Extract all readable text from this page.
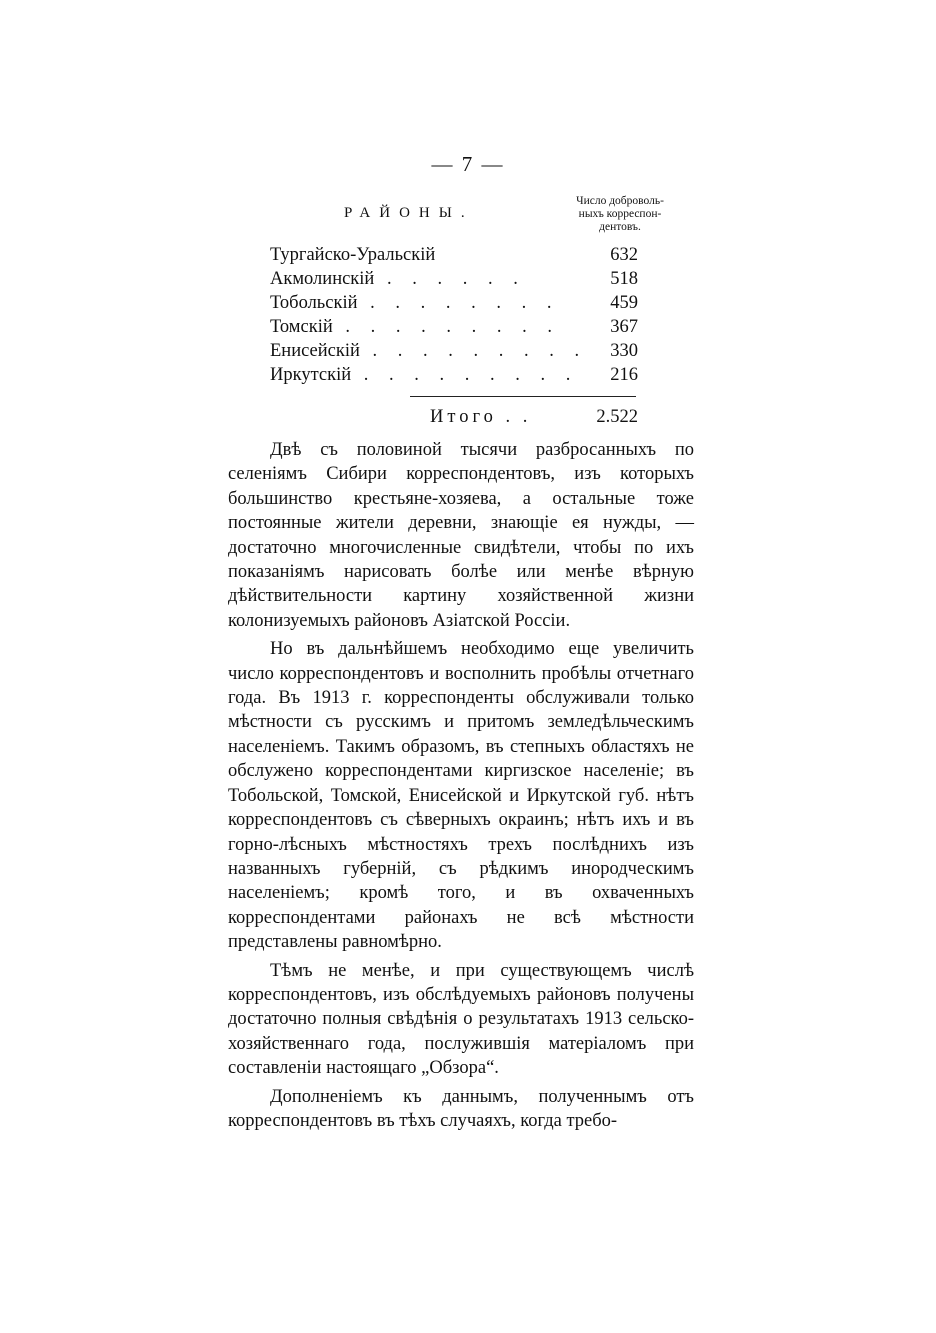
— 7 —
РАЙОНЫ.
Число доброволь-
ныхъ корреспон-
дентовъ.
Тургайско-Уральскій	632
Акмолинскій . . . . . .	518
Тобольскій . . . . . . . .	459
Томскій . . . . . . . . .	367
Енисейскій . . . . . . . . . 330
Иркутскій . . . . . . . . . 216
Итого . .	2.522

Двѣ съ половиной тысячи разбросанныхъ по селеніямъ Сибири корреспондентовъ, изъ которыхъ большинство крестьяне-хозяева, а остальные тоже постоянные жители деревни, знающіе ея нужды, —достаточно многочисленные свидѣтели, чтобы по ихъ показаніямъ нарисовать болѣе или менѣе вѣрную дѣйствительности картину хозяйственной жизни колонизуемыхъ районовъ Азіатской Россіи.

Но въ дальнѣйшемъ необходимо еще увеличить число корреспондентовъ и восполнить пробѣлы отчетнаго года. Въ 1913 г. корреспонденты обслуживали только мѣстности съ русскимъ и притомъ земледѣльческимъ населеніемъ. Такимъ образомъ, въ степныхъ областяхъ не обслужено корреспондентами киргизское населеніе; въ Тобольской, Томской, Енисейской и Иркутской губ. нѣтъ корреспондентовъ съ сѣверныхъ окраинъ; нѣтъ ихъ и въ горно-лѣсныхъ мѣстностяхъ трехъ послѣднихъ изъ названныхъ губерній, съ рѣдкимъ инородческимъ населеніемъ; кромѣ того, и въ охваченныхъ корреспондентами районахъ не всѣ мѣстности представлены равномѣрно.

Тѣмъ не менѣе, и при существующемъ числѣ корреспондентовъ, изъ обслѣдуемыхъ районовъ получены достаточно полныя свѣдѣнія о результатахъ 1913 сельско-хозяйственнаго года, послужившія матеріаломъ при составленіи настоящаго „Обзора“.

Дополненіемъ къ даннымъ, полученнымъ отъ корреспондентовъ въ тѣхъ случаяхъ, когда требо-
